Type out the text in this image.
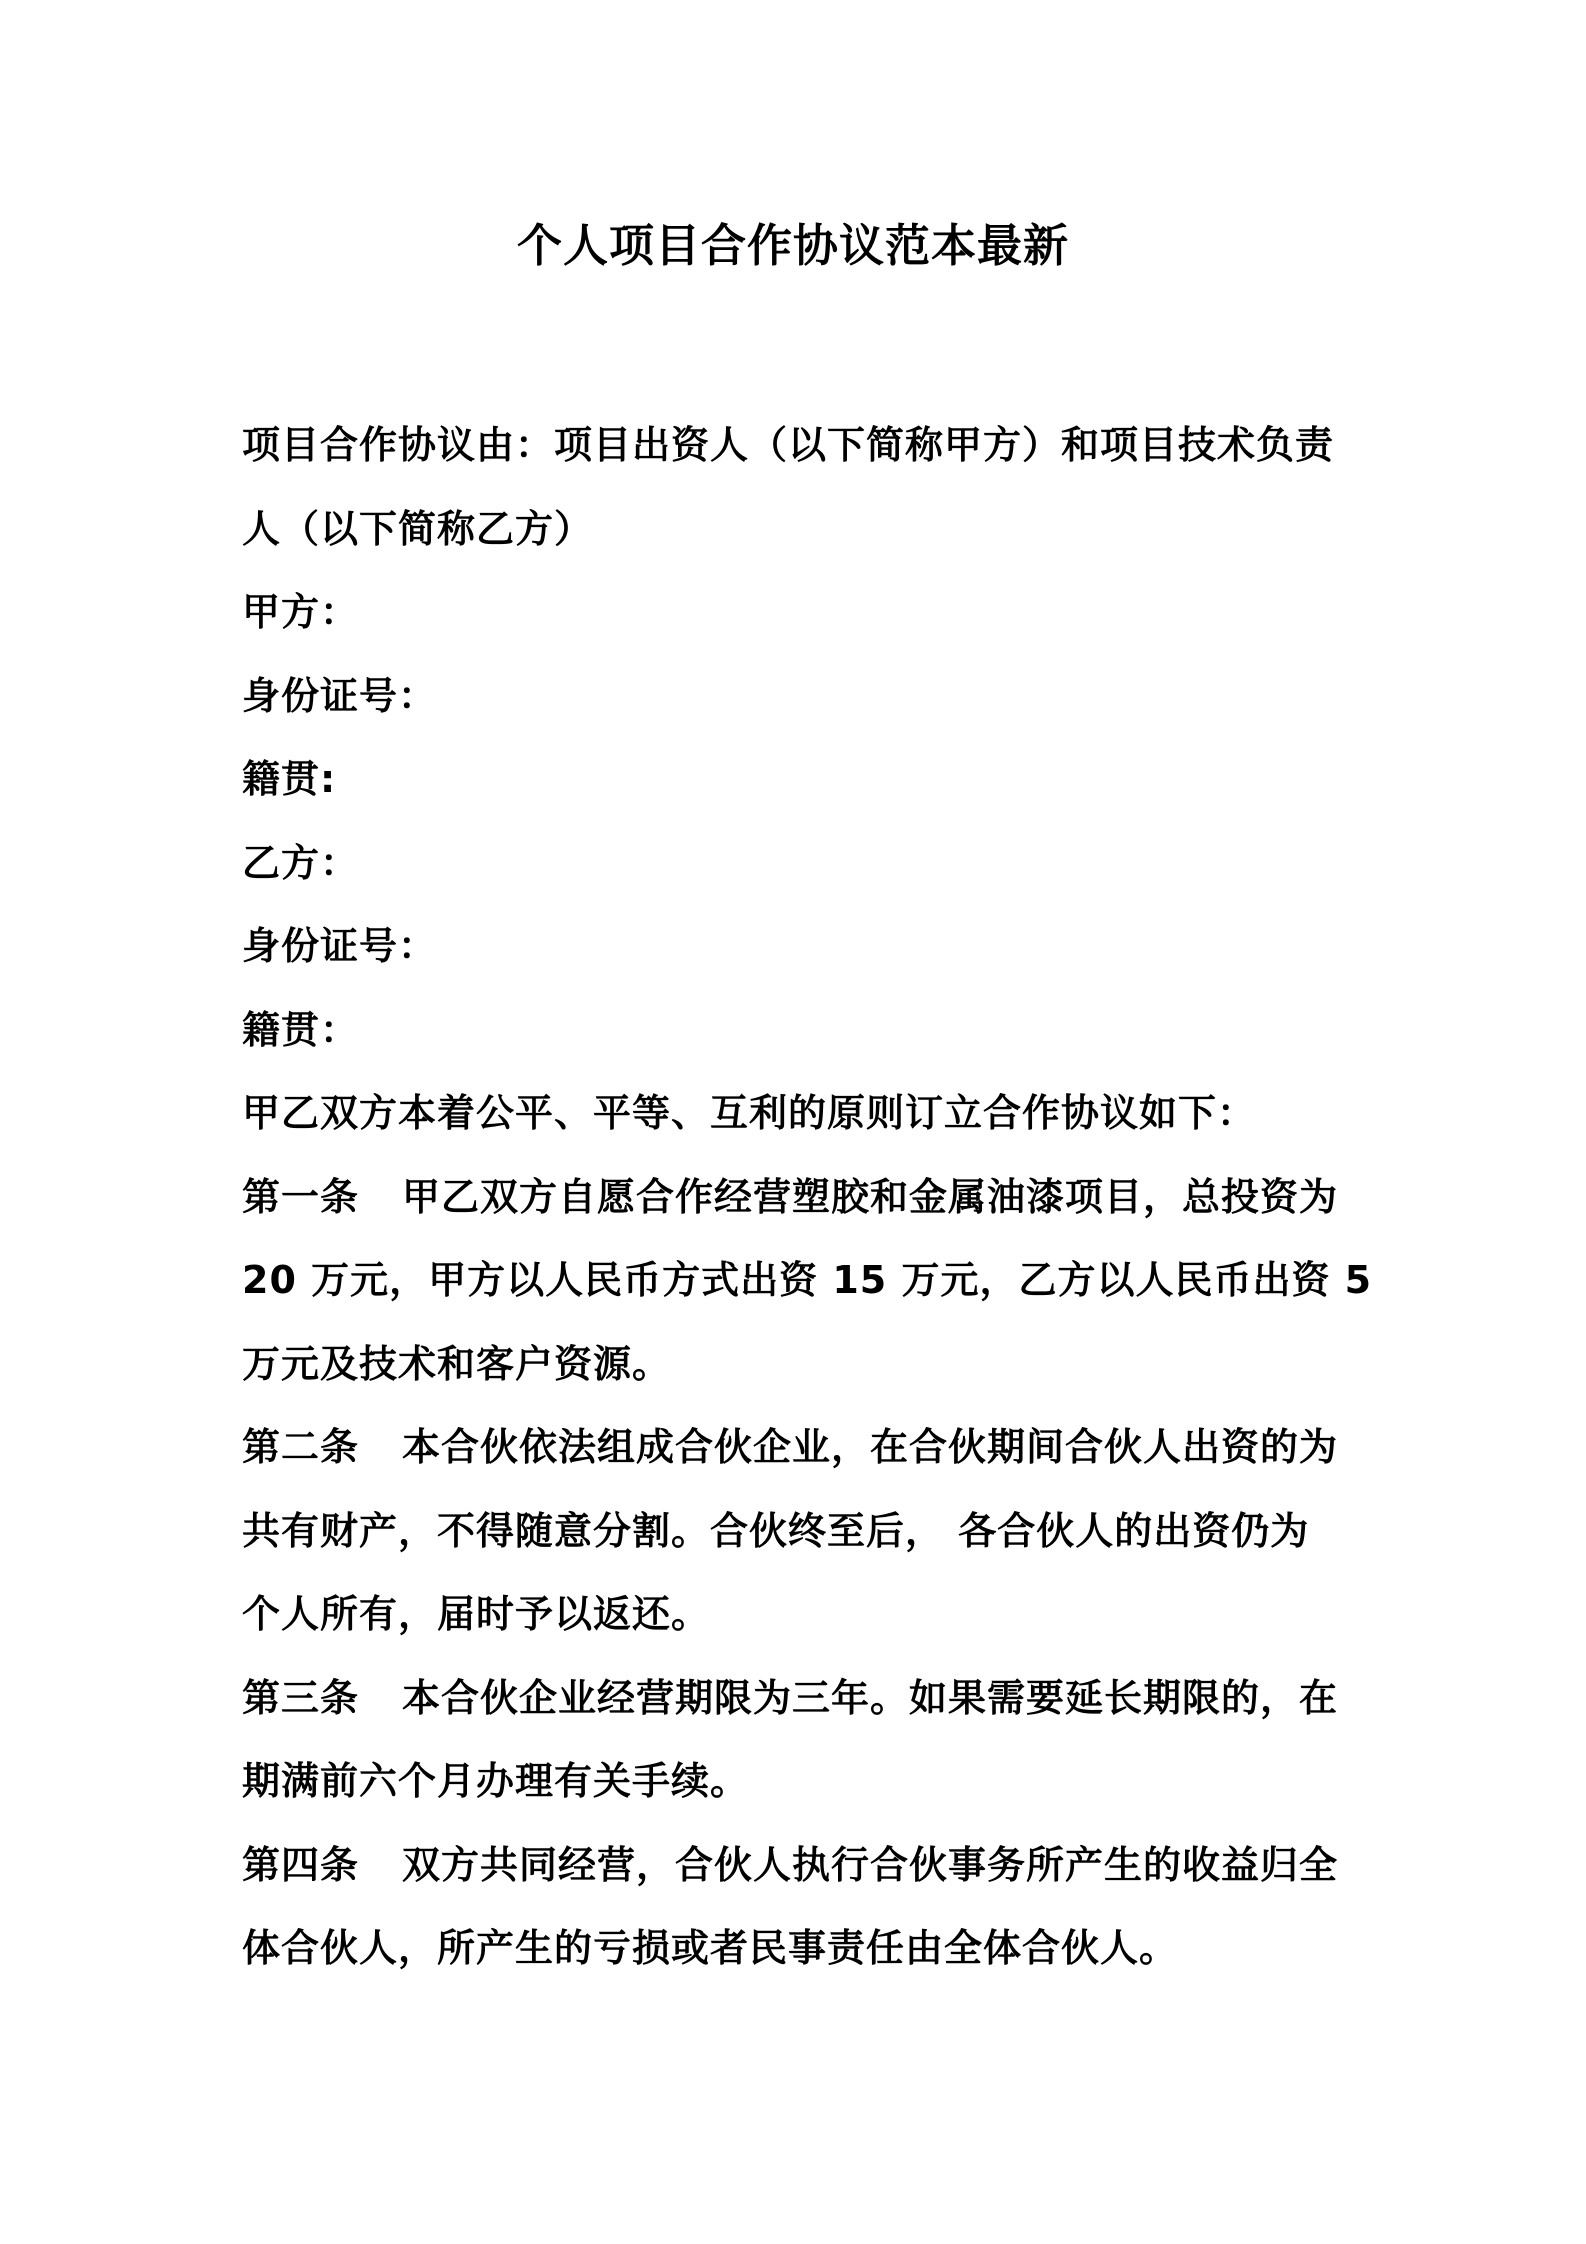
个人项目合作协议范本最新
项目合作协议由：项目出资人（以下简称甲方）和项目技术负责
人（以下简称乙方）
甲方：
身份证号：
籍贯:
乙方：
身份证号：
籍贯：
甲乙双方本着公平、平等、互利的原则订立合作协议如下：
第一条 甲乙双方自愿合作经营塑胶和金属油漆项目，总投资为
20 万元，甲方以人民币方式出资 15 万元，乙方以人民币出资 5
万元及技术和客户资源。
第二条 本合伙依法组成合伙企业，在合伙期间合伙人出资的为
共有财产，不得随意分割。合伙终至后， 各合伙人的出资仍为
个人所有，届时予以返还。
第三条 本合伙企业经营期限为三年。如果需要延长期限的，在
期满前六个月办理有关手续。
第四条 双方共同经营，合伙人执行合伙事务所产生的收益归全
体合伙人，所产生的亏损或者民事责任由全体合伙人。
